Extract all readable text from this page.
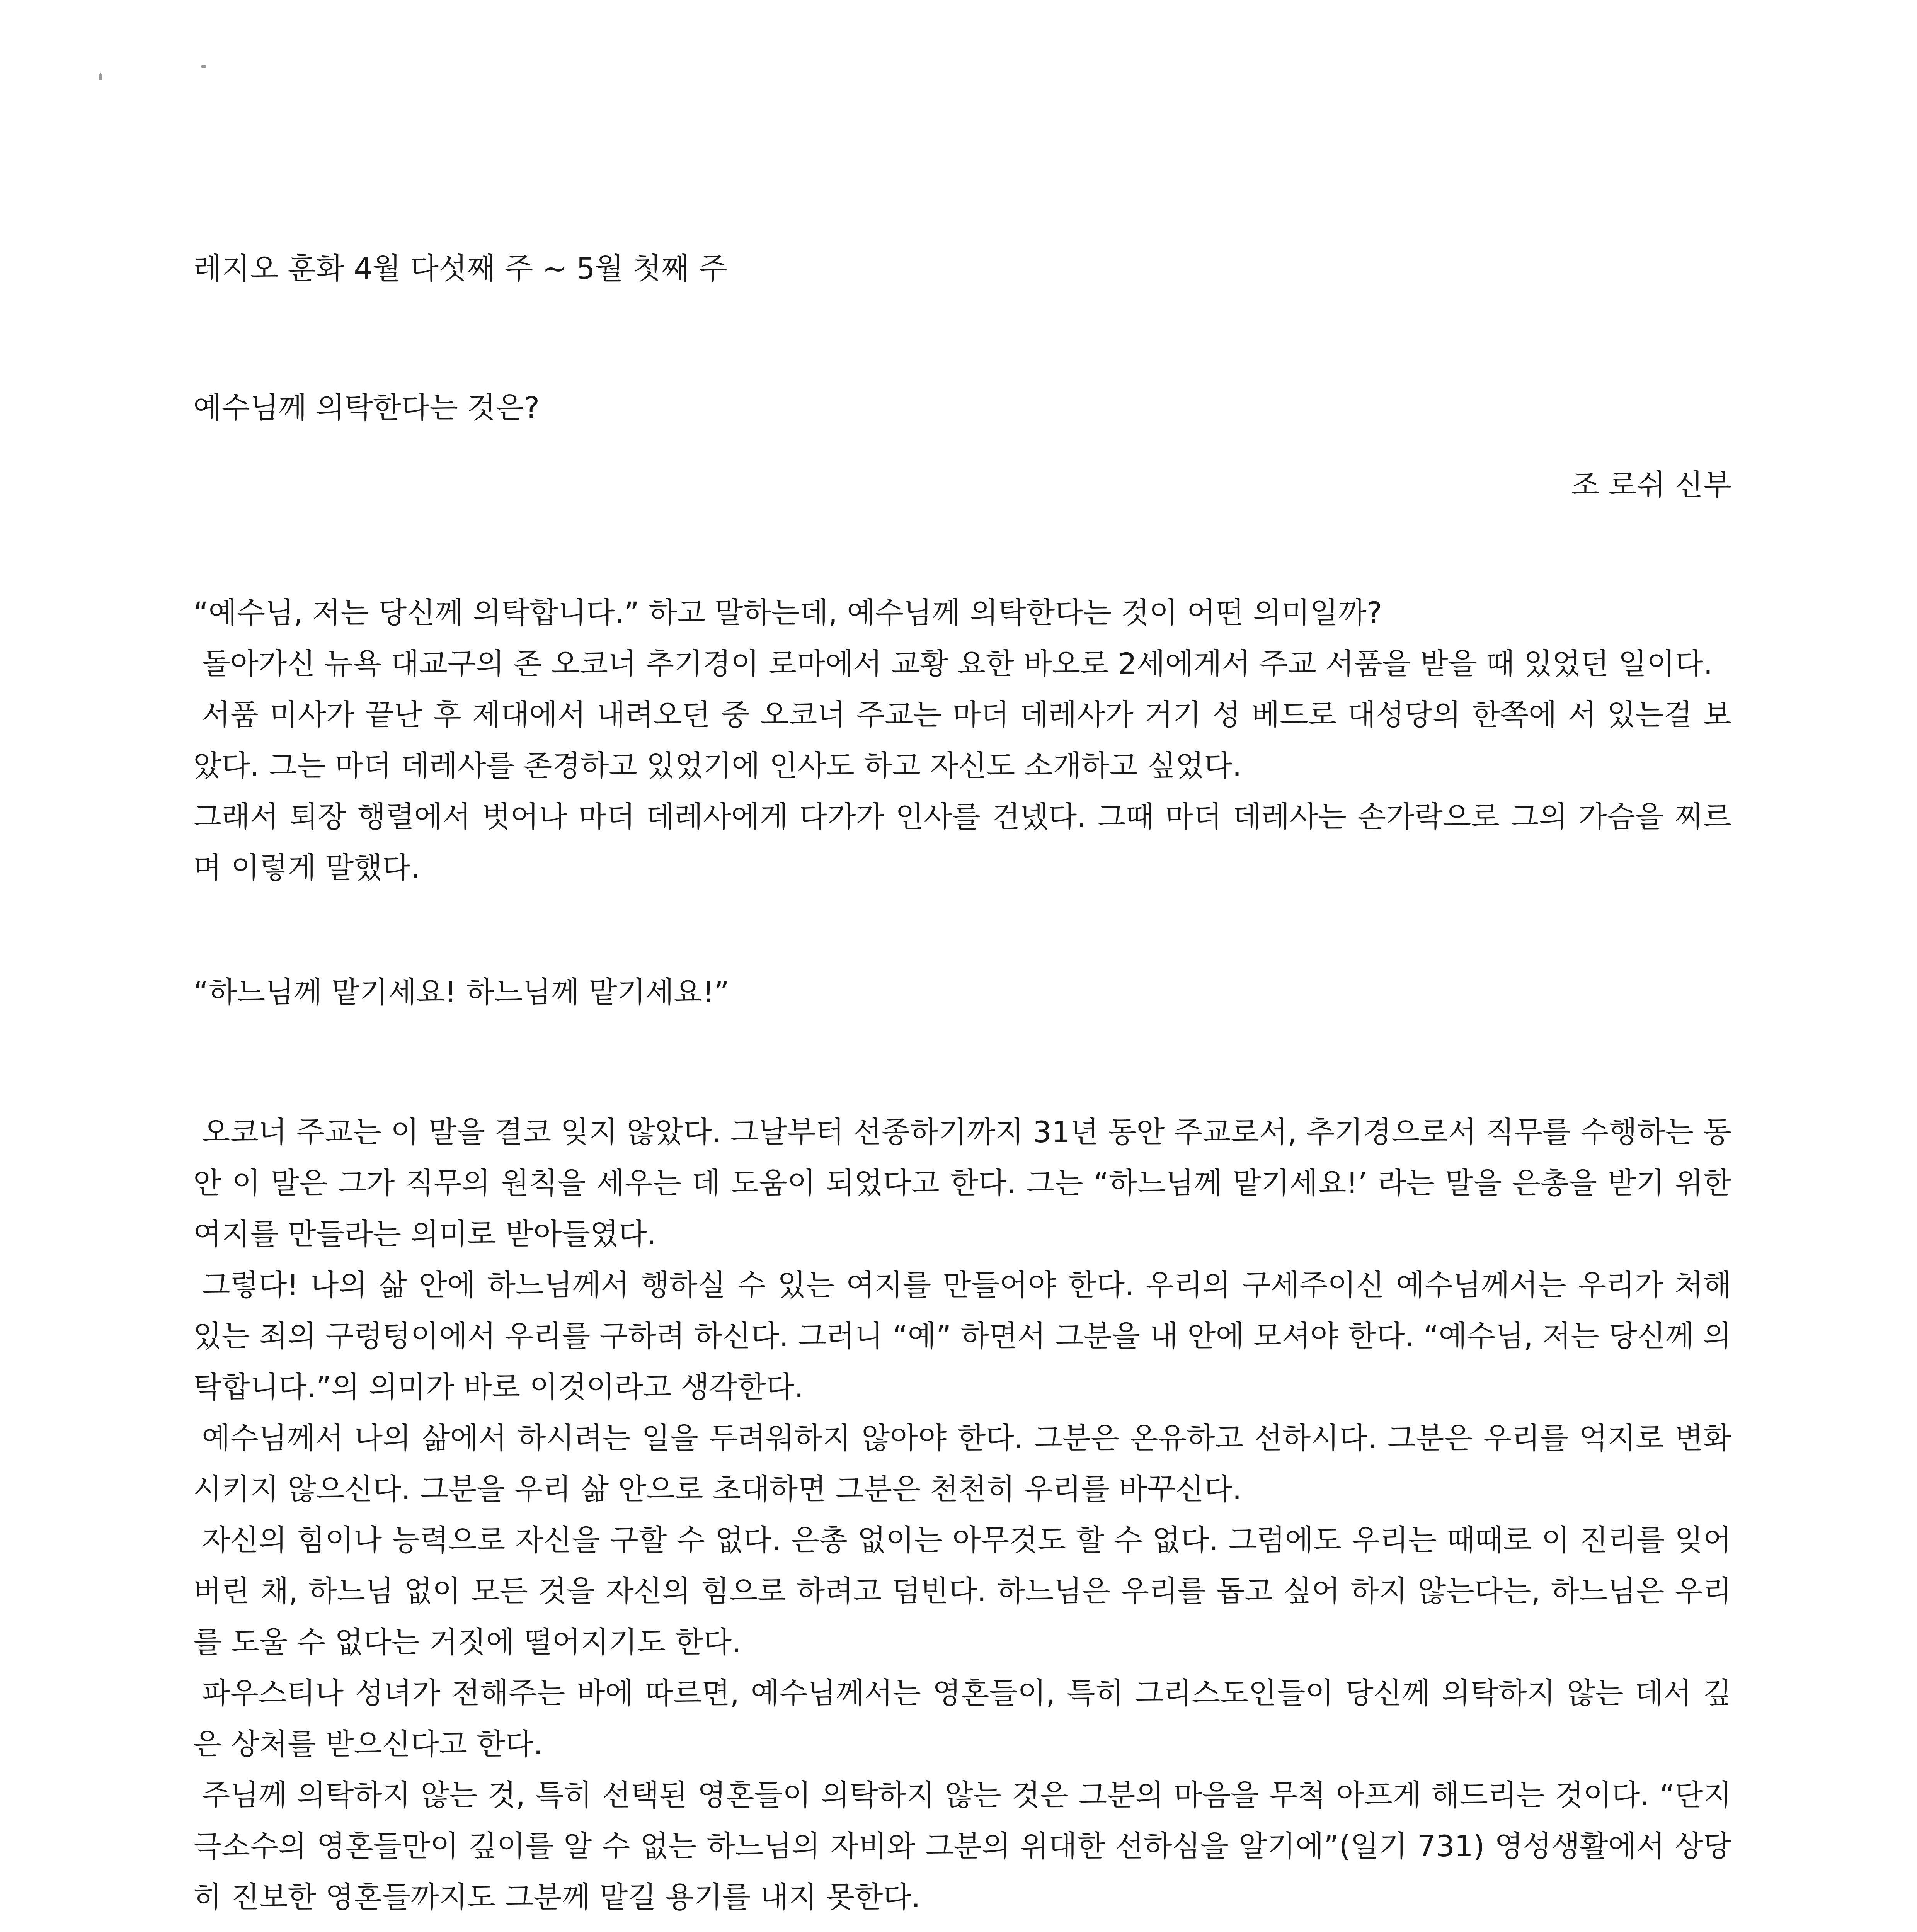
레지오 훈화 4월 다섯째 주 ~ 5월 첫째 주

예수님께 의탁한다는 것은?

조 로쉬 신부

“예수님, 저는 당신께 의탁합니다.” 하고 말하는데, 예수님께 의탁한다는 것이 어떤 의미일까?

돌아가신 뉴욕 대교구의 존 오코너 추기경이 로마에서 교황 요한 바오로 2세에게서 주교 서품을 받을 때 있었던 일이다.

서품 미사가 끝난 후 제대에서 내려오던 중 오코너 주교는 마더 데레사가 거기 성 베드로 대성당의 한쪽에 서 있는걸 보았다. 그는 마더 데레사를 존경하고 있었기에 인사도 하고 자신도 소개하고 싶었다.

그래서 퇴장 행렬에서 벗어나 마더 데레사에게 다가가 인사를 건넸다. 그때 마더 데레사는 손가락으로 그의 가슴을 찌르며 이렇게 말했다.

“하느님께 맡기세요! 하느님께 맡기세요!”

오코너 주교는 이 말을 결코 잊지 않았다. 그날부터 선종하기까지 31년 동안 주교로서, 추기경으로서 직무를 수행하는 동안 이 말은 그가 직무의 원칙을 세우는 데 도움이 되었다고 한다. 그는 “하느님께 맡기세요!’ 라는 말을 은총을 받기 위한 여지를 만들라는 의미로 받아들였다.

그렇다! 나의 삶 안에 하느님께서 행하실 수 있는 여지를 만들어야 한다. 우리의 구세주이신 예수님께서는 우리가 처해 있는 죄의 구렁텅이에서 우리를 구하려 하신다. 그러니 “예” 하면서 그분을 내 안에 모셔야 한다. “예수님, 저는 당신께 의탁합니다.”의 의미가 바로 이것이라고 생각한다.

예수님께서 나의 삶에서 하시려는 일을 두려워하지 않아야 한다. 그분은 온유하고 선하시다. 그분은 우리를 억지로 변화시키지 않으신다. 그분을 우리 삶 안으로 초대하면 그분은 천천히 우리를 바꾸신다.

자신의 힘이나 능력으로 자신을 구할 수 없다. 은총 없이는 아무것도 할 수 없다. 그럼에도 우리는 때때로 이 진리를 잊어버린 채, 하느님 없이 모든 것을 자신의 힘으로 하려고 덤빈다. 하느님은 우리를 돕고 싶어 하지 않는다는, 하느님은 우리를 도울 수 없다는 거짓에 떨어지기도 한다.

파우스티나 성녀가 전해주는 바에 따르면, 예수님께서는 영혼들이, 특히 그리스도인들이 당신께 의탁하지 않는 데서 깊은 상처를 받으신다고 한다.

주님께 의탁하지 않는 것, 특히 선택된 영혼들이 의탁하지 않는 것은 그분의 마음을 무척 아프게 해드리는 것이다. “단지 극소수의 영혼들만이 깊이를 알 수 없는 하느님의 자비와 그분의 위대한 선하심을 알기에”(일기 731) 영성생활에서 상당히 진보한 영혼들까지도 그분께 맡길 용기를 내지 못한다.
